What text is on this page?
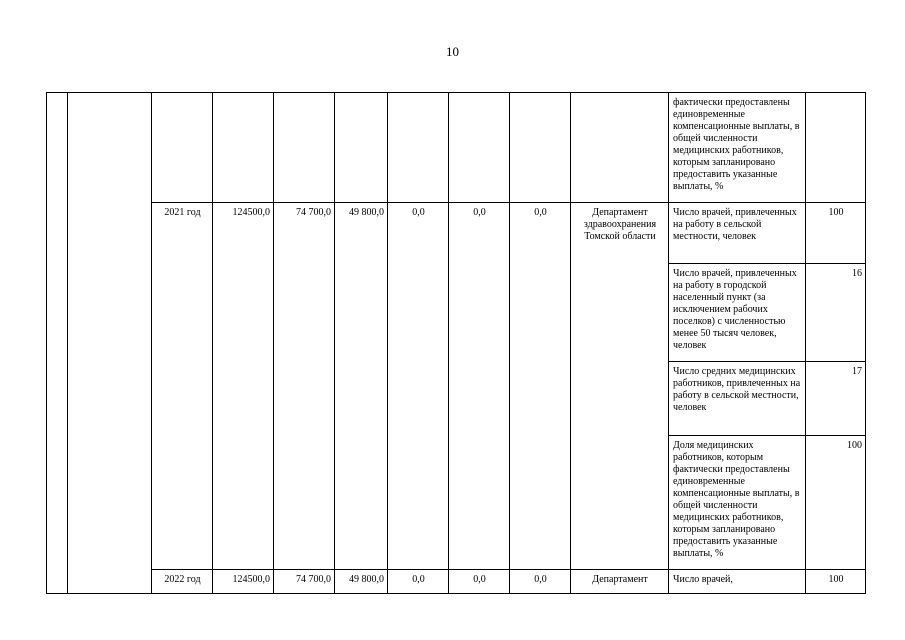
10
										фактически предоставлены единовременные компенсационные выплаты, в общей численности медицинских работников, которым запланировано предоставить указанные выплаты, %	
		2021 год	124500,0	74 700,0	49 800,0	0,0	0,0	0,0	Департамент здравоохранения Томской области	Число врачей, привлеченных на работу в сельской местности, человек	100
										Число врачей, привлеченных на работу в городской населенный пункт (за исключением рабочих поселков) с численностью менее 50 тысяч человек, человек	16
										Число средних медицинских работников, привлеченных на работу в сельской местности, человек	17
										Доля медицинских работников, которым фактически предоставлены единовременные компенсационные выплаты, в общей численности медицинских работников, которым запланировано предоставить указанные выплаты, %	100
		2022 год	124500,0	74 700,0	49 800,0	0,0	0,0	0,0	Департамент	Число врачей,	100
